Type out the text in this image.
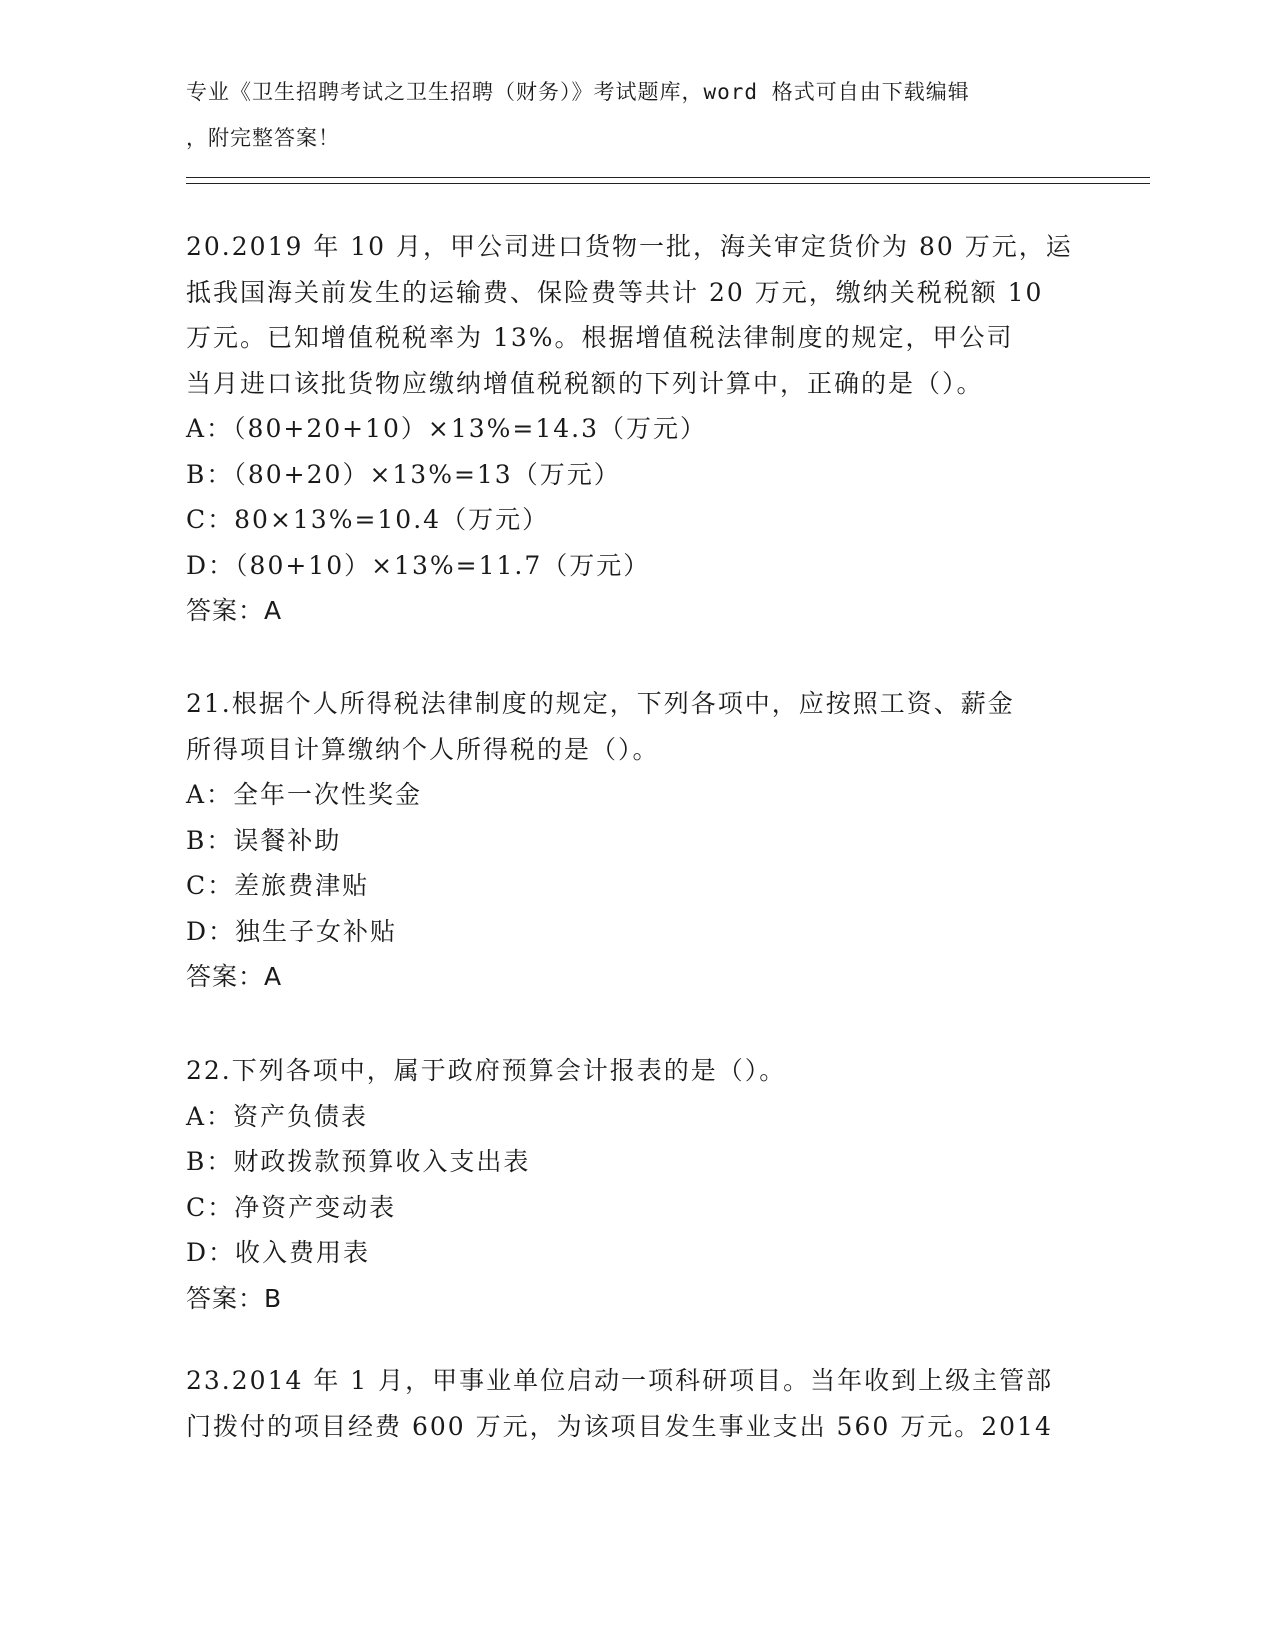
专业《卫生招聘考试之卫生招聘（财务）》考试题库，word 格式可自由下载编辑
，附完整答案！
20.2019 年 10 月，甲公司进口货物一批，海关审定货价为 80 万元，运
抵我国海关前发生的运输费、保险费等共计 20 万元，缴纳关税税额 10
万元。已知增值税税率为 13%。根据增值税法律制度的规定，甲公司
当月进口该批货物应缴纳增值税税额的下列计算中，正确的是（）。
A：（80+20+10）×13%=14.3（万元）
B：（80+20）×13%=13（万元）
C：80×13%=10.4（万元）
D：（80+10）×13%=11.7（万元）
答案：A
21.根据个人所得税法律制度的规定，下列各项中，应按照工资、薪金
所得项目计算缴纳个人所得税的是（）。
A：全年一次性奖金
B：误餐补助
C：差旅费津贴
D：独生子女补贴
答案：A
22.下列各项中，属于政府预算会计报表的是（）。
A：资产负债表
B：财政拨款预算收入支出表
C：净资产变动表
D：收入费用表
答案：B
23.2014 年 1 月，甲事业单位启动一项科研项目。当年收到上级主管部
门拨付的项目经费 600 万元，为该项目发生事业支出 560 万元。2014
